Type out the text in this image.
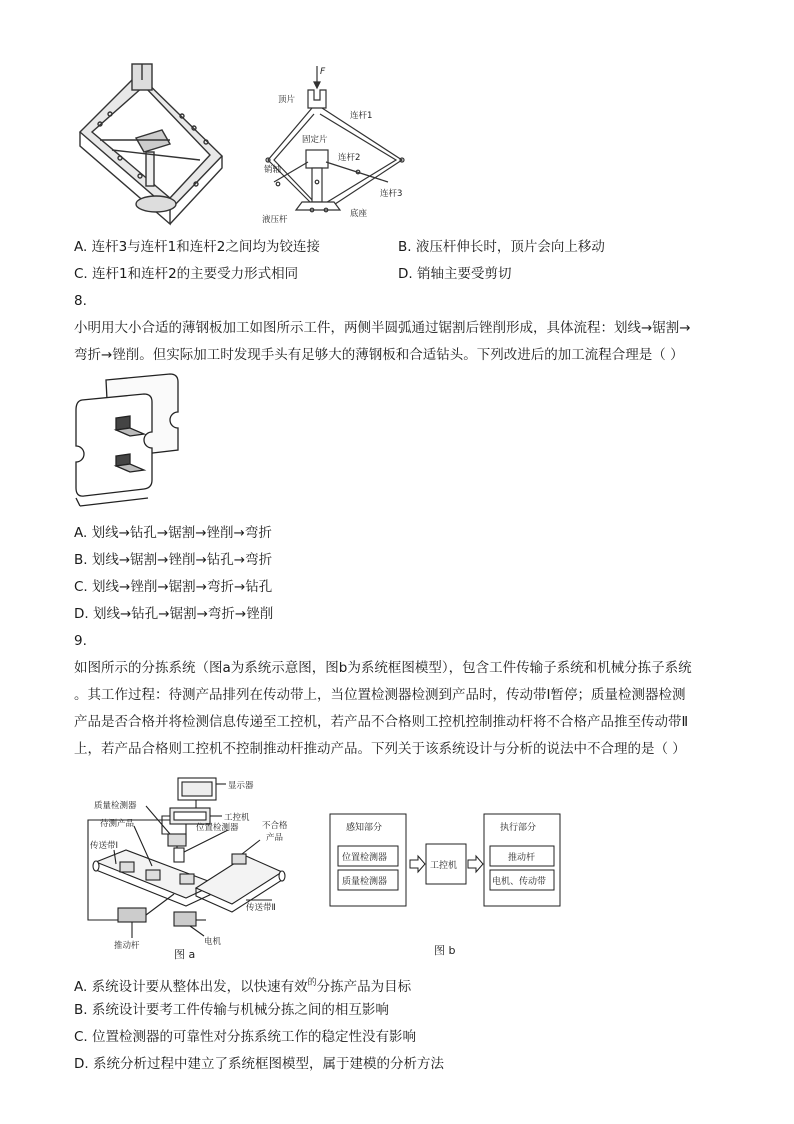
F
顶片
连杆1
固定片
连杆2
销轴
连杆3
液压杆
底座
A. 连杆3与连杆1和连杆2之间均为铰连接	B. 液压杆伸长时，顶片会向上移动
C. 连杆1和连杆2的主要受力形式相同	D. 销轴主要受剪切
8.
小明用大小合适的薄钢板加工如图所示工件，两侧半圆弧通过锯割后锉削形成，具体流程：划线→锯割→
弯折→锉削。但实际加工时发现手头有足够大的薄钢板和合适钻头。下列改进后的加工流程合理是（ ）
A. 划线→钻孔→锯割→锉削→弯折
B. 划线→锯割→锉削→钻孔→弯折
C. 划线→锉削→锯割→弯折→钻孔
D. 划线→钻孔→锯割→弯折→锉削
9.
如图所示的分拣系统（图a为系统示意图，图b为系统框图模型），包含工件传输子系统和机械分拣子系统
。其工作过程：待测产品排列在传动带上，当位置检测器检测到产品时，传动带Ⅰ暂停；质量检测器检测
产品是否合格并将检测信息传递至工控机，若产品不合格则工控机控制推动杆将不合格产品推至传动带Ⅱ
上，若产品合格则工控机不控制推动杆推动产品。下列关于该系统设计与分析的说法中不合理的是（ ）
显示器
工控机
质量检测器
待测产品	位置检测器	不合格
产品
传送带Ⅰ
传送带Ⅱ
推动杆	电机
图 a
感知部分
位置检测器
质量检测器
工控机
执行部分
推动杆
电机、传动带
图 b
A. 系统设计要从整体出发，以快速有效$^的$分拣产品为目标
B. 系统设计要考工件传输与机械分拣之间的相互影响
C. 位置检测器的可靠性对分拣系统工作的稳定性没有影响
D. 系统分析过程中建立了系统框图模型，属于建模的分析方法
